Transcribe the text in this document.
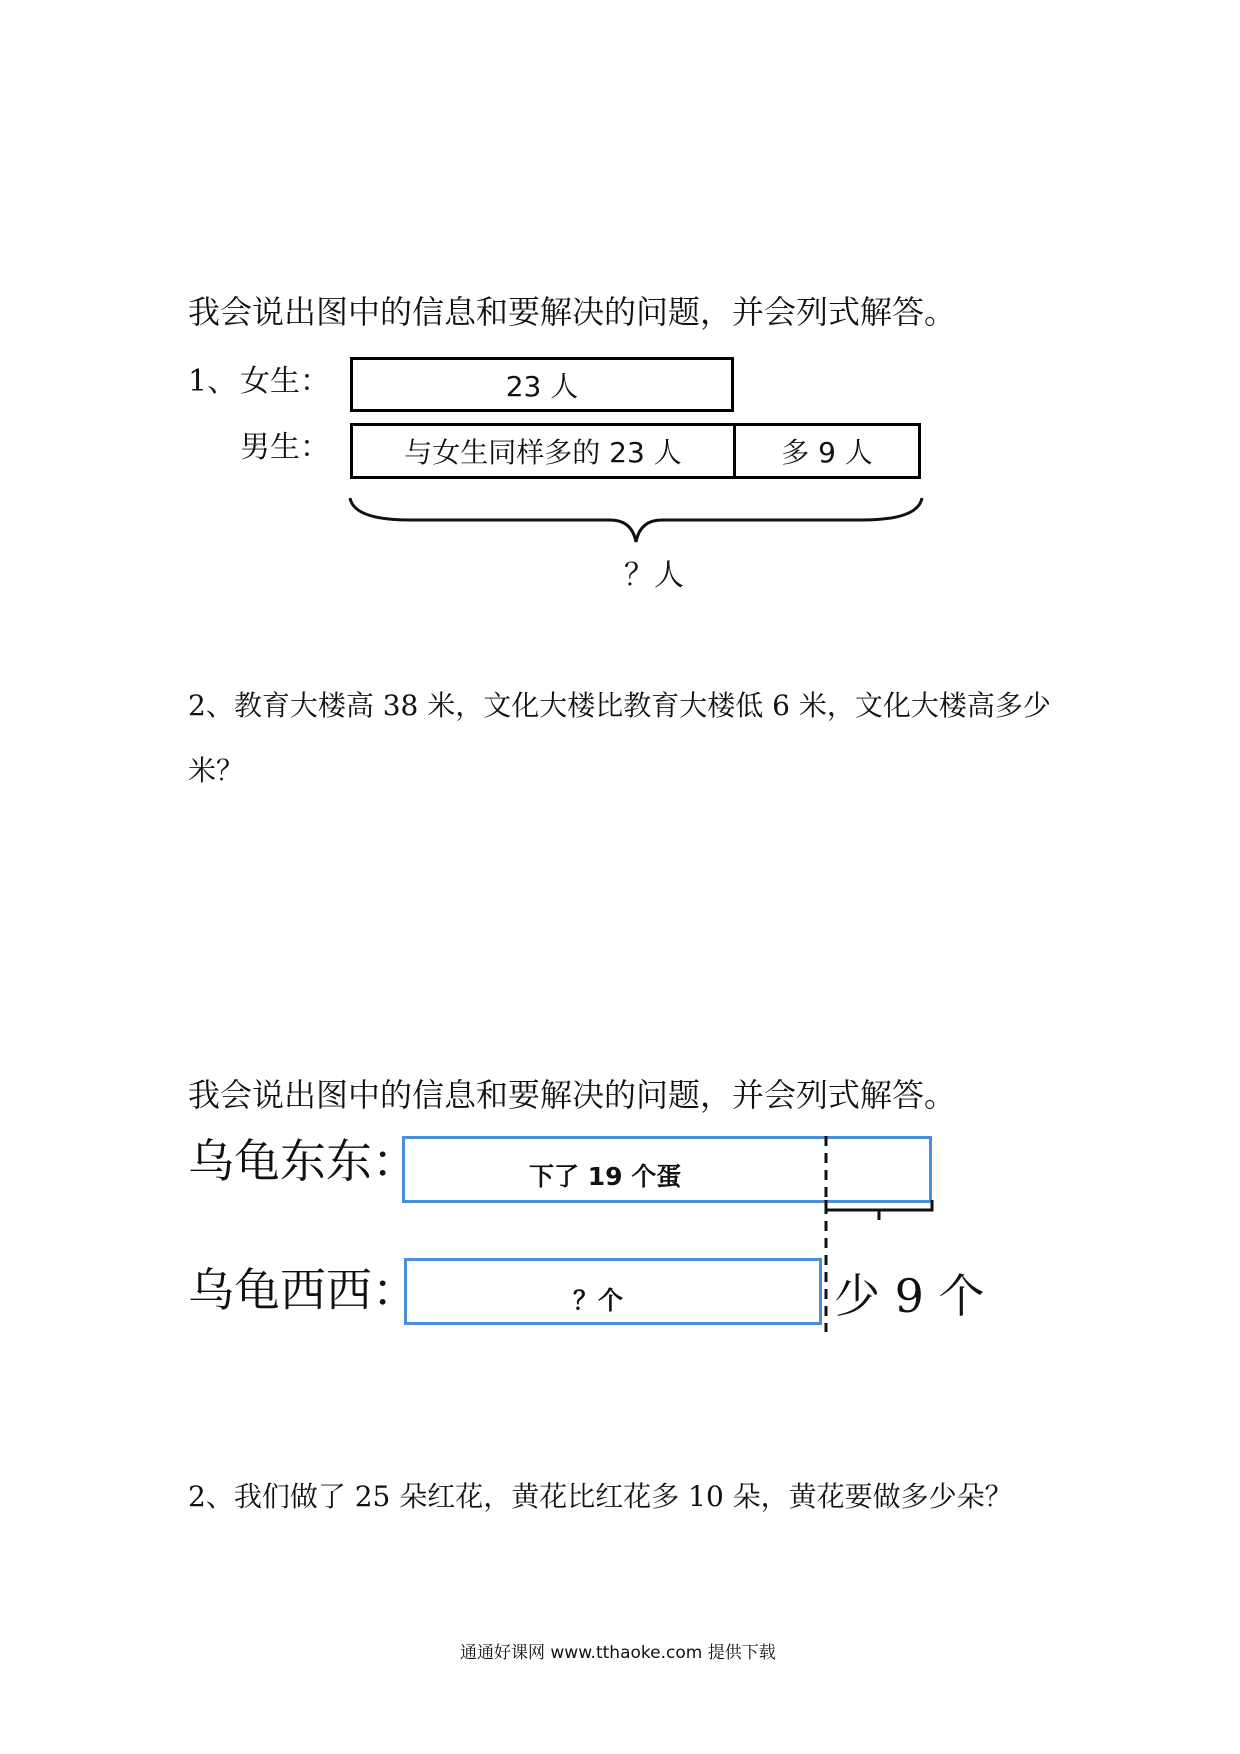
我会说出图中的信息和要解决的问题，并会列式解答。
1、 女生：	23 人
男生：	与女生同样多的 23 人	多 9 人
？人
2、教育大楼高 38 米，文化大楼比教育大楼低 6 米，文化大楼高多少
米？
我会说出图中的信息和要解决的问题，并会列式解答。
乌龟东东：	下了 19 个蛋
乌龟西西：	？个	少 9 个
2、我们做了 25 朵红花，黄花比红花多 10 朵，黄花要做多少朵？
通通好课网 www.tthaoke.com 提供下载
